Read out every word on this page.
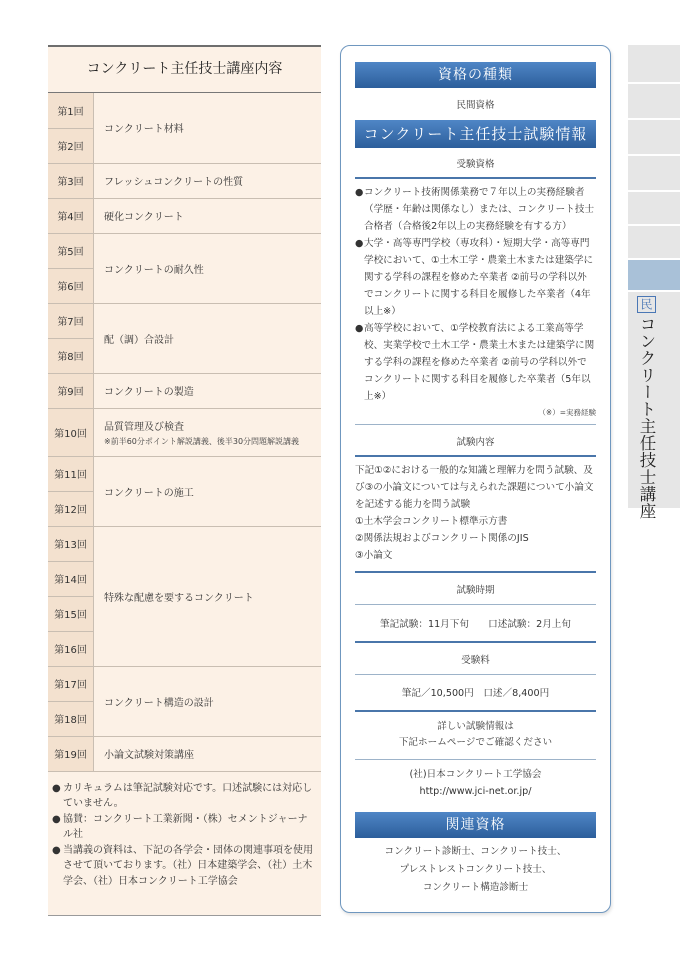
コンクリート主任技士講座内容
第1回	コンクリート材料
第2回	
第3回	フレッシュコンクリートの性質
第4回	硬化コンクリート
第5回	コンクリートの耐久性
第6回	
第7回	配（調）合設計
第8回	
第9回	コンクリートの製造
第10回	品質管理及び検査
※前半60分ポイント解説講義、後半30分問題解説講義

第11回	コンクリートの施工
第12回	
第13回	特殊な配慮を要するコンクリート
第14回	
第15回	
第16回	
第17回	コンクリート構造の設計
第18回	
第19回	小論文試験対策講座
● カリキュラムは筆記試験対応です。口述試験には対応していません。
● 協賛：コンクリート工業新聞・（株）セメントジャーナル社
● 当講義の資料は、下記の各学会・団体の関連事項を使用させて頂いております。（社）日本建築学会、（社）土木学会、（社）日本コンクリート工学協会
資格の種類
民間資格
コンクリート主任技士試験情報
受験資格
● コンクリート技術関係業務で７年以上の実務経験者（学歴・年齢は関係なし）または、コンクリート技士合格者（合格後2年以上の実務経験を有する方）
● 大学・高等専門学校（専攻科）・短期大学・高等専門学校において、①土木工学・農業土木または建築学に関する学科の課程を修めた卒業者 ②前号の学科以外でコンクリートに関する科目を履修した卒業者（4年以上※）
● 高等学校において、①学校教育法による工業高等学校、実業学校で土木工学・農業土木または建築学に関する学科の課程を修めた卒業者 ②前号の学科以外でコンクリートに関する科目を履修した卒業者（5年以上※）
（※）=実務経験
試験内容
下記①②における一般的な知識と理解力を問う試験、及び③の小論文については与えられた課題について小論文を記述する能力を問う試験
①土木学会コンクリート標準示方書
②関係法規およびコンクリート関係のJIS
③小論文
試験時期
筆記試験：11月下旬　　口述試験：2月上旬
受験料
筆記／10,500円　口述／8,400円
詳しい試験情報は
下記ホームページでご確認ください
(社)日本コンクリート工学協会
http://www.jci-net.or.jp/
関連資格
コンクリート診断士、コンクリート技士、
プレストレストコンクリート技士、
コンクリート構造診断士
民コンクリート主任技士講座
